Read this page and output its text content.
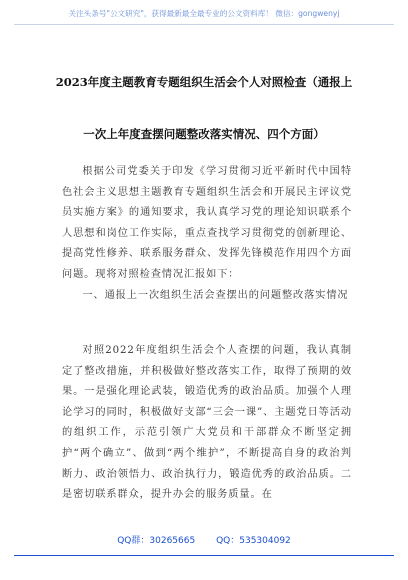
关注头条号"公文研究"，获得最新最全最专业的公文资料库！ 微信：gongwenyj
2023年度主题教育专题组织生活会个人对照检查（通报上
一次上年度查摆问题整改落实情况、四个方面）

根据公司党委关于印发《学习贯彻习近平新时代中国特色社会主义思想主题教育专题组织生活会和开展民主评议党员实施方案》的通知要求，我认真学习党的理论知识联系个人思想和岗位工作实际，重点查找学习贯彻党的创新理论、提高党性修养、联系服务群众、发挥先锋模范作用四个方面问题。现将对照检查情况汇报如下：

一、通报上一次组织生活会查摆出的问题整改落实情况

对照2022年度组织生活会个人查摆的问题，我认真制定了整改措施，并积极做好整改落实工作，取得了预期的效果。一是强化理论武装，锻造优秀的政治品质。加强个人理论学习的同时，积极做好支部“三会一课”、主题党日等活动的组织工作，示范引领广大党员和干部群众不断坚定拥护“两个确立”、做到“两个维护”，不断提高自身的政治判断力、政治领悟力、政治执行力，锻造优秀的政治品质。二是密切联系群众，提升办会的服务质量。在

QQ群：30265665 QQ：535304092
